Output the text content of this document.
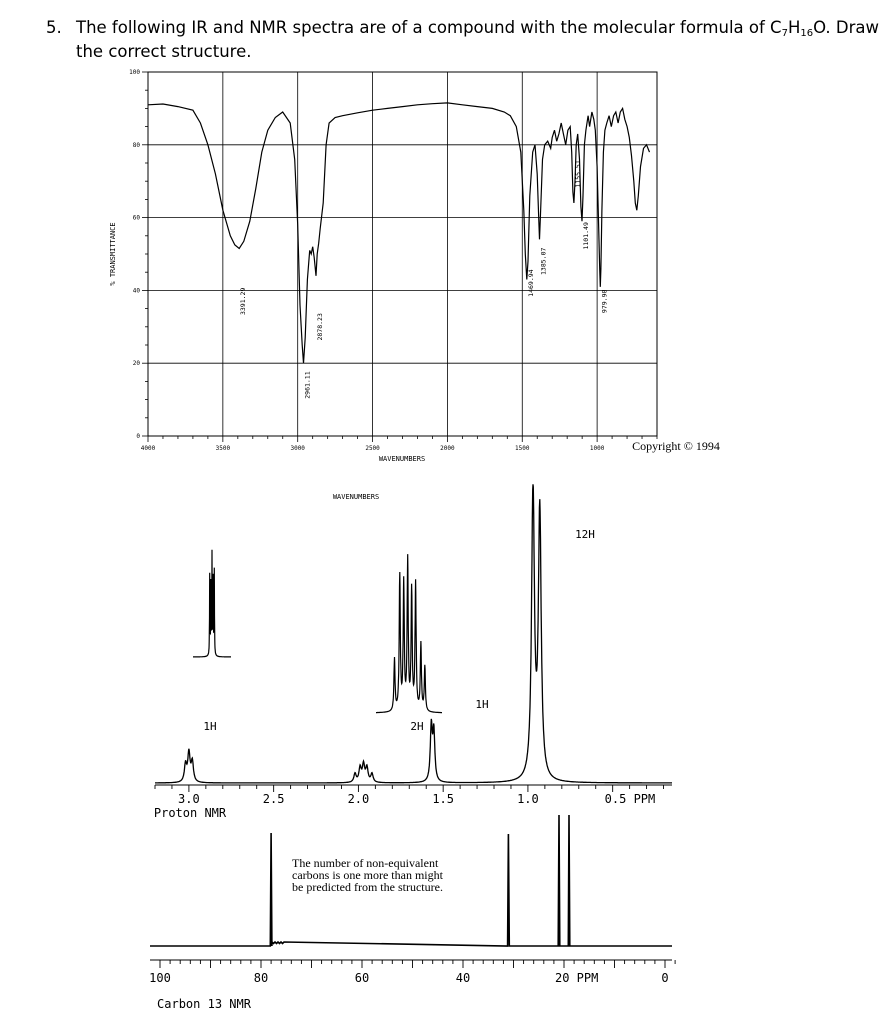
5. The following IR and NMR spectra are of a compound with the molecular formula of $C_7H_{16}O$. Draw
the correct structure.
100
80
60
40
20
0
4000	3500	3000	2500	2000	1500	1000
3391.29
2961.11
2878.23
1469.94
1385.07
1155.51
1101.49
979.98
% TRANSMITTANCE
WAVENUMBERS
Copyright © 1994
WAVENUMBERS
3.0	2.5	2.0	1.5	1.0	0.5 PPM
1H	2H
1H
12H
Proton NMR
100	80	60	40	20 PPM	0
The number of non-equivalent
carbons is one more than might
be predicted from the structure.
Carbon 13 NMR
